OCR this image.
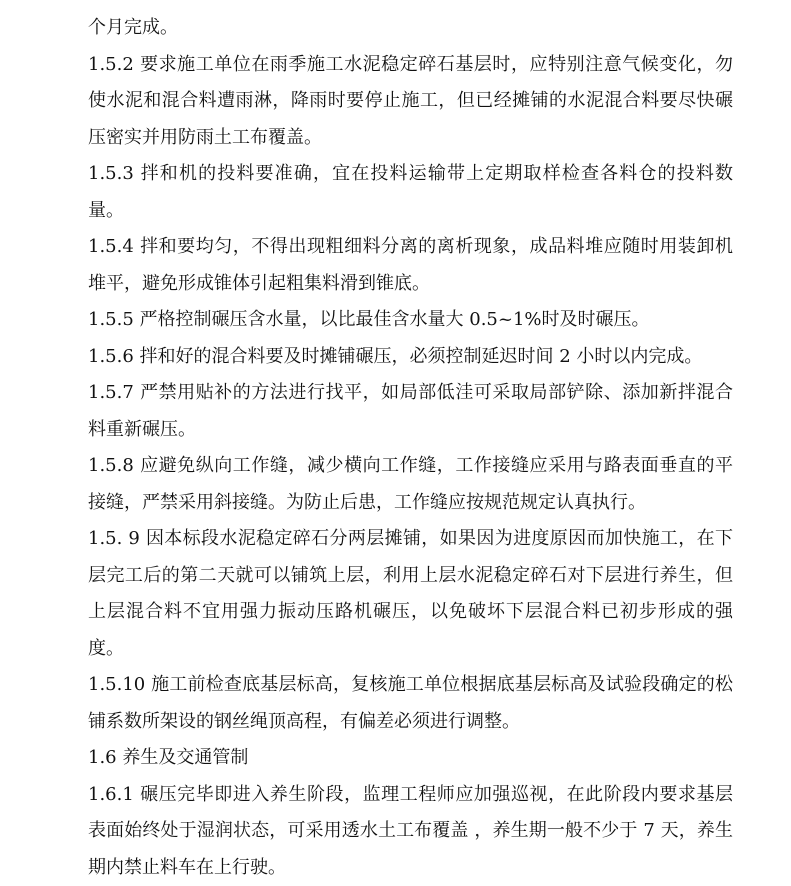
个月完成。

1.5.2 要求施工单位在雨季施工水泥稳定碎石基层时，应特别注意气候变化，勿使水泥和混合料遭雨淋，降雨时要停止施工，但已经摊铺的水泥混合料要尽快碾压密实并用防雨土工布覆盖。

1.5.3 拌和机的投料要准确，宜在投料运输带上定期取样检查各料仓的投料数量。

1.5.4 拌和要均匀，不得出现粗细料分离的离析现象，成品料堆应随时用装卸机堆平，避免形成锥体引起粗集料滑到锥底。

1.5.5 严格控制碾压含水量，以比最佳含水量大 0.5~1%时及时碾压。

1.5.6 拌和好的混合料要及时摊铺碾压，必须控制延迟时间 2 小时以内完成。

1.5.7 严禁用贴补的方法进行找平，如局部低洼可采取局部铲除、添加新拌混合料重新碾压。

1.5.8 应避免纵向工作缝，减少横向工作缝，工作接缝应采用与路表面垂直的平接缝，严禁采用斜接缝。为防止后患，工作缝应按规范规定认真执行。

1.5. 9 因本标段水泥稳定碎石分两层摊铺，如果因为进度原因而加快施工，在下层完工后的第二天就可以铺筑上层，利用上层水泥稳定碎石对下层进行养生，但上层混合料不宜用强力振动压路机碾压，以免破坏下层混合料已初步形成的强度。

1.5.10 施工前检查底基层标高，复核施工单位根据底基层标高及试验段确定的松铺系数所架设的钢丝绳顶高程，有偏差必须进行调整。

1.6 养生及交通管制

1.6.1 碾压完毕即进入养生阶段，监理工程师应加强巡视，在此阶段内要求基层表面始终处于湿润状态，可采用透水土工布覆盖 ，养生期一般不少于 7 天，养生期内禁止料车在上行驶。
